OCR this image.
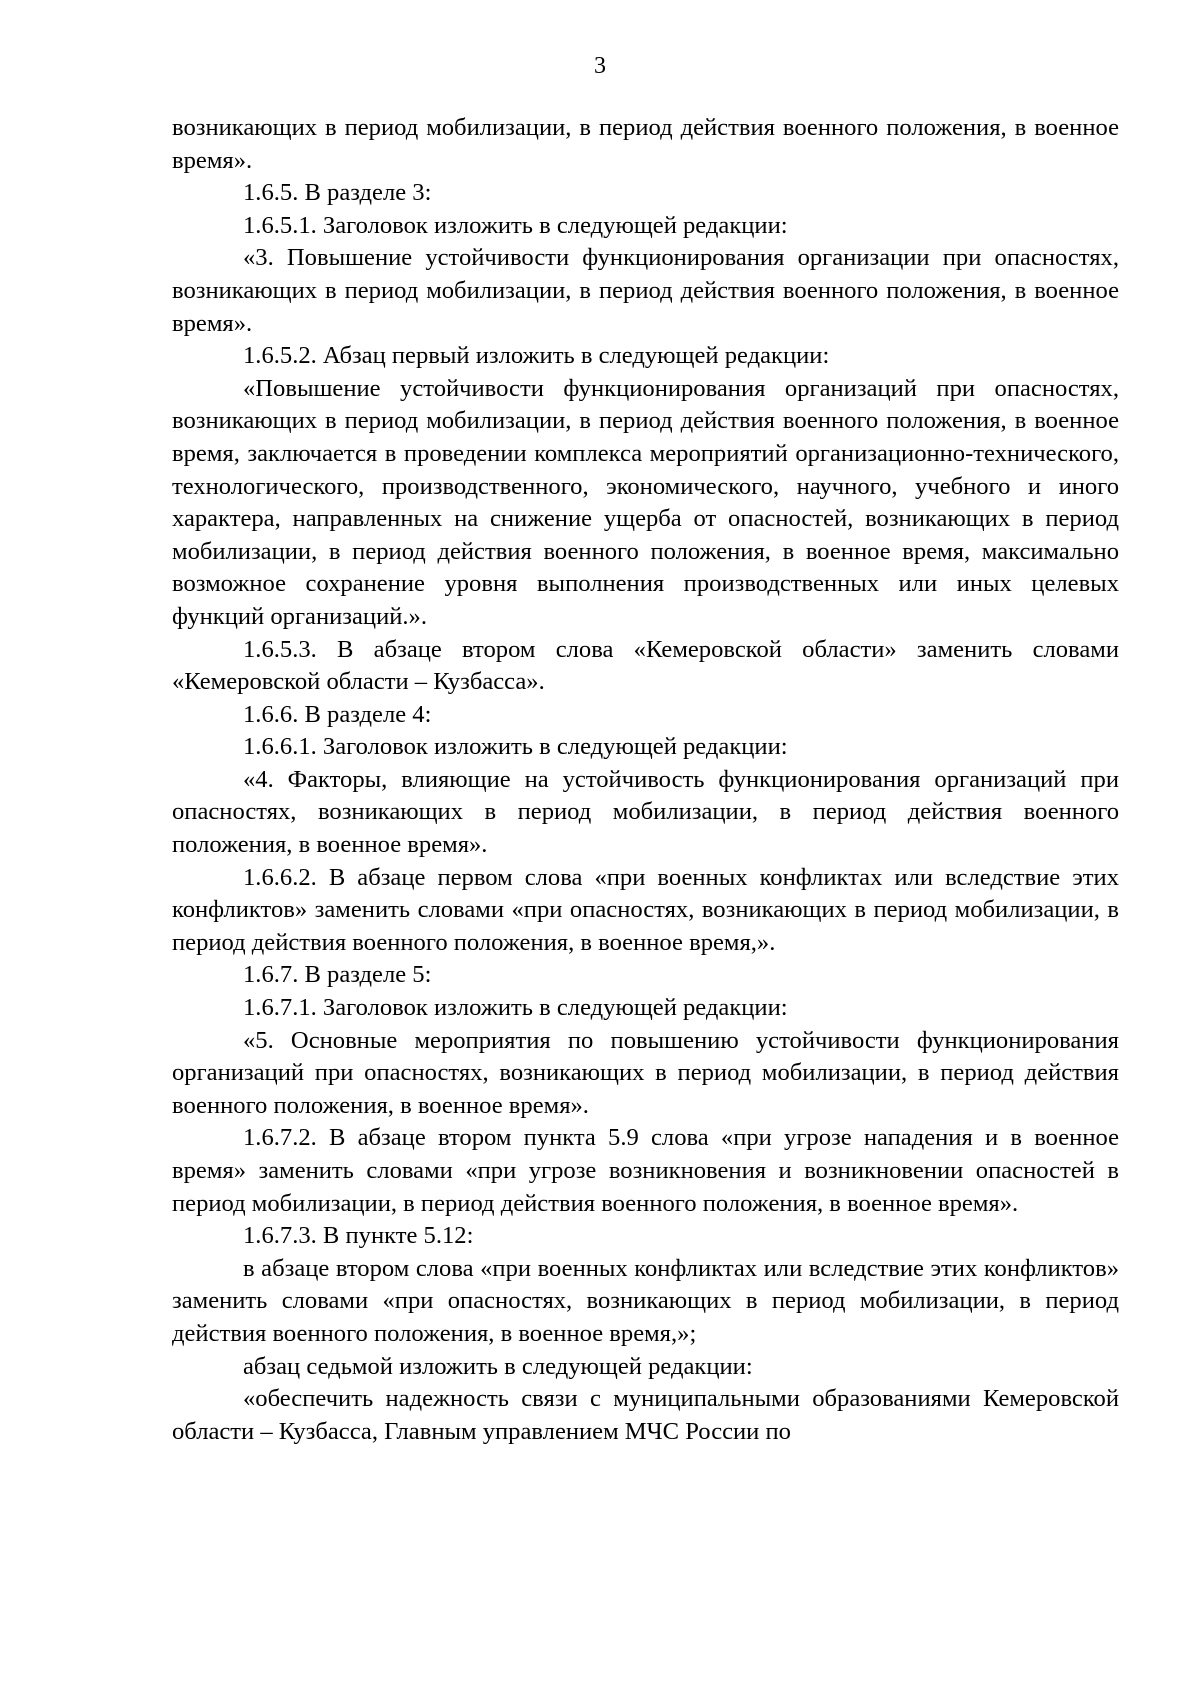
3

возникающих в период мобилизации, в период действия военного положения, в военное время».

1.6.5. В разделе 3:

1.6.5.1. Заголовок изложить в следующей редакции:

«3. Повышение устойчивости функционирования организации при опасностях, возникающих в период мобилизации, в период действия военного положения, в военное время».

1.6.5.2. Абзац первый изложить в следующей редакции:

«Повышение устойчивости функционирования организаций при опасностях, возникающих в период мобилизации, в период действия военного положения, в военное время, заключается в проведении комплекса мероприятий организационно-технического, технологического, производственного, экономического, научного, учебного и иного характера, направленных на снижение ущерба от опасностей, возникающих в период мобилизации, в период действия военного положения, в военное время, максимально возможное сохранение уровня выполнения производственных или иных целевых функций организаций.».

1.6.5.3. В абзаце втором слова «Кемеровской области» заменить словами «Кемеровской области – Кузбасса».

1.6.6. В разделе 4:

1.6.6.1. Заголовок изложить в следующей редакции:

«4. Факторы, влияющие на устойчивость функционирования организаций при опасностях, возникающих в период мобилизации, в период действия военного положения, в военное время».

1.6.6.2. В абзаце первом слова «при военных конфликтах или вследствие этих конфликтов» заменить словами «при опасностях, возникающих в период мобилизации, в период действия военного положения, в военное время,».

1.6.7. В разделе 5:

1.6.7.1. Заголовок изложить в следующей редакции:

«5. Основные мероприятия по повышению устойчивости функционирования организаций при опасностях, возникающих в период мобилизации, в период действия военного положения, в военное время».

1.6.7.2. В абзаце втором пункта 5.9 слова «при угрозе нападения и в военное время» заменить словами «при угрозе возникновения и возникновении опасностей в период мобилизации, в период действия военного положения, в военное время».

1.6.7.3. В пункте 5.12:

в абзаце втором слова «при военных конфликтах или вследствие этих конфликтов» заменить словами «при опасностях, возникающих в период мобилизации, в период действия военного положения, в военное время,»;

абзац седьмой изложить в следующей редакции:

«обеспечить надежность связи с муниципальными образованиями Кемеровской области – Кузбасса, Главным управлением МЧС России по
